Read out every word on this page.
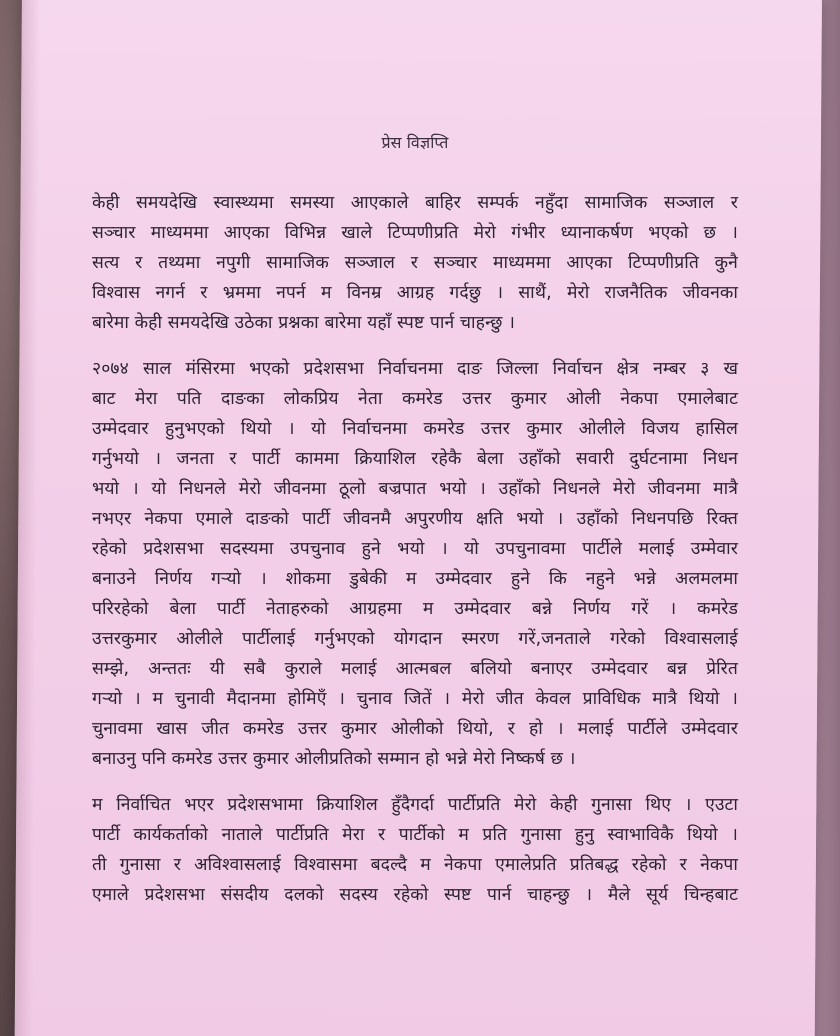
प्रेस विज्ञप्ति
केही समयदेखि स्वास्थ्यमा समस्या आएकाले बाहिर सम्पर्क नहुँदा सामाजिक सञ्जाल र
सञ्चार माध्यममा आएका विभिन्न खाले टिप्पणीप्रति मेरो गंभीर ध्यानाकर्षण भएको छ ।
सत्य र तथ्यमा नपुगी सामाजिक सञ्जाल र सञ्चार माध्यममा आएका टिप्पणीप्रति कुनै
विश्वास नगर्न र भ्रममा नपर्न म विनम्र आग्रह गर्दछु । साथैं, मेरो राजनैतिक जीवनका
बारेमा केही समयदेखि उठेका प्रश्नका बारेमा यहाँ स्पष्ट पार्न चाहन्छु ।
२०७४ साल मंसिरमा भएको प्रदेशसभा निर्वाचनमा दाङ जिल्ला निर्वाचन क्षेत्र नम्बर ३ ख
बाट मेरा पति दाङका लोकप्रिय नेता कमरेड उत्तर कुमार ओली नेकपा एमालेबाट
उम्मेदवार हुनुभएको थियो । यो निर्वाचनमा कमरेड उत्तर कुमार ओलीले विजय हासिल
गर्नुभयो । जनता र पार्टी काममा क्रियाशिल रहेकै बेला उहाँको सवारी दुर्घटनामा निधन
भयो । यो निधनले मेरो जीवनमा ठूलो बज्रपात भयो । उहाँको निधनले मेरो जीवनमा मात्रै
नभएर नेकपा एमाले दाङको पार्टी जीवनमै अपुरणीय क्षति भयो । उहाँको निधनपछि रिक्त
रहेको प्रदेशसभा सदस्यमा उपचुनाव हुने भयो । यो उपचुनावमा पार्टीले मलाई उम्मेवार
बनाउने निर्णय गऱ्यो । शोकमा डुबेकी म उम्मेदवार हुने कि नहुने भन्ने अलमलमा
परिरहेको बेला पार्टी नेताहरुको आग्रहमा म उम्मेदवार बन्ने निर्णय गरें । कमरेड
उत्तरकुमार ओलीले पार्टीलाई गर्नुभएको योगदान स्मरण गरें,जनताले गरेको विश्वासलाई
सम्झे, अन्ततः यी सबै कुराले मलाई आत्मबल बलियो बनाएर उम्मेदवार बन्न प्रेरित
गऱ्यो । म चुनावी मैदानमा होमिएँ । चुनाव जितें । मेरो जीत केवल प्राविधिक मात्रै थियो ।
चुनावमा खास जीत कमरेड उत्तर कुमार ओलीको थियो, र हो । मलाई पार्टीले उम्मेदवार
बनाउनु पनि कमरेड उत्तर कुमार ओलीप्रतिको सम्मान हो भन्ने मेरो निष्कर्ष छ ।
म निर्वाचित भएर प्रदेशसभामा क्रियाशिल हुँदैगर्दा पार्टीप्रति मेरो केही गुनासा थिए । एउटा
पार्टी कार्यकर्ताको नाताले पार्टीप्रति मेरा र पार्टीको म प्रति गुनासा हुनु स्वाभाविकै थियो ।
ती गुनासा र अविश्वासलाई विश्वासमा बदल्दै म नेकपा एमालेप्रति प्रतिबद्ध रहेको र नेकपा
एमाले प्रदेशसभा संसदीय दलको सदस्य रहेको स्पष्ट पार्न चाहन्छु । मैले सूर्य चिन्हबाट
